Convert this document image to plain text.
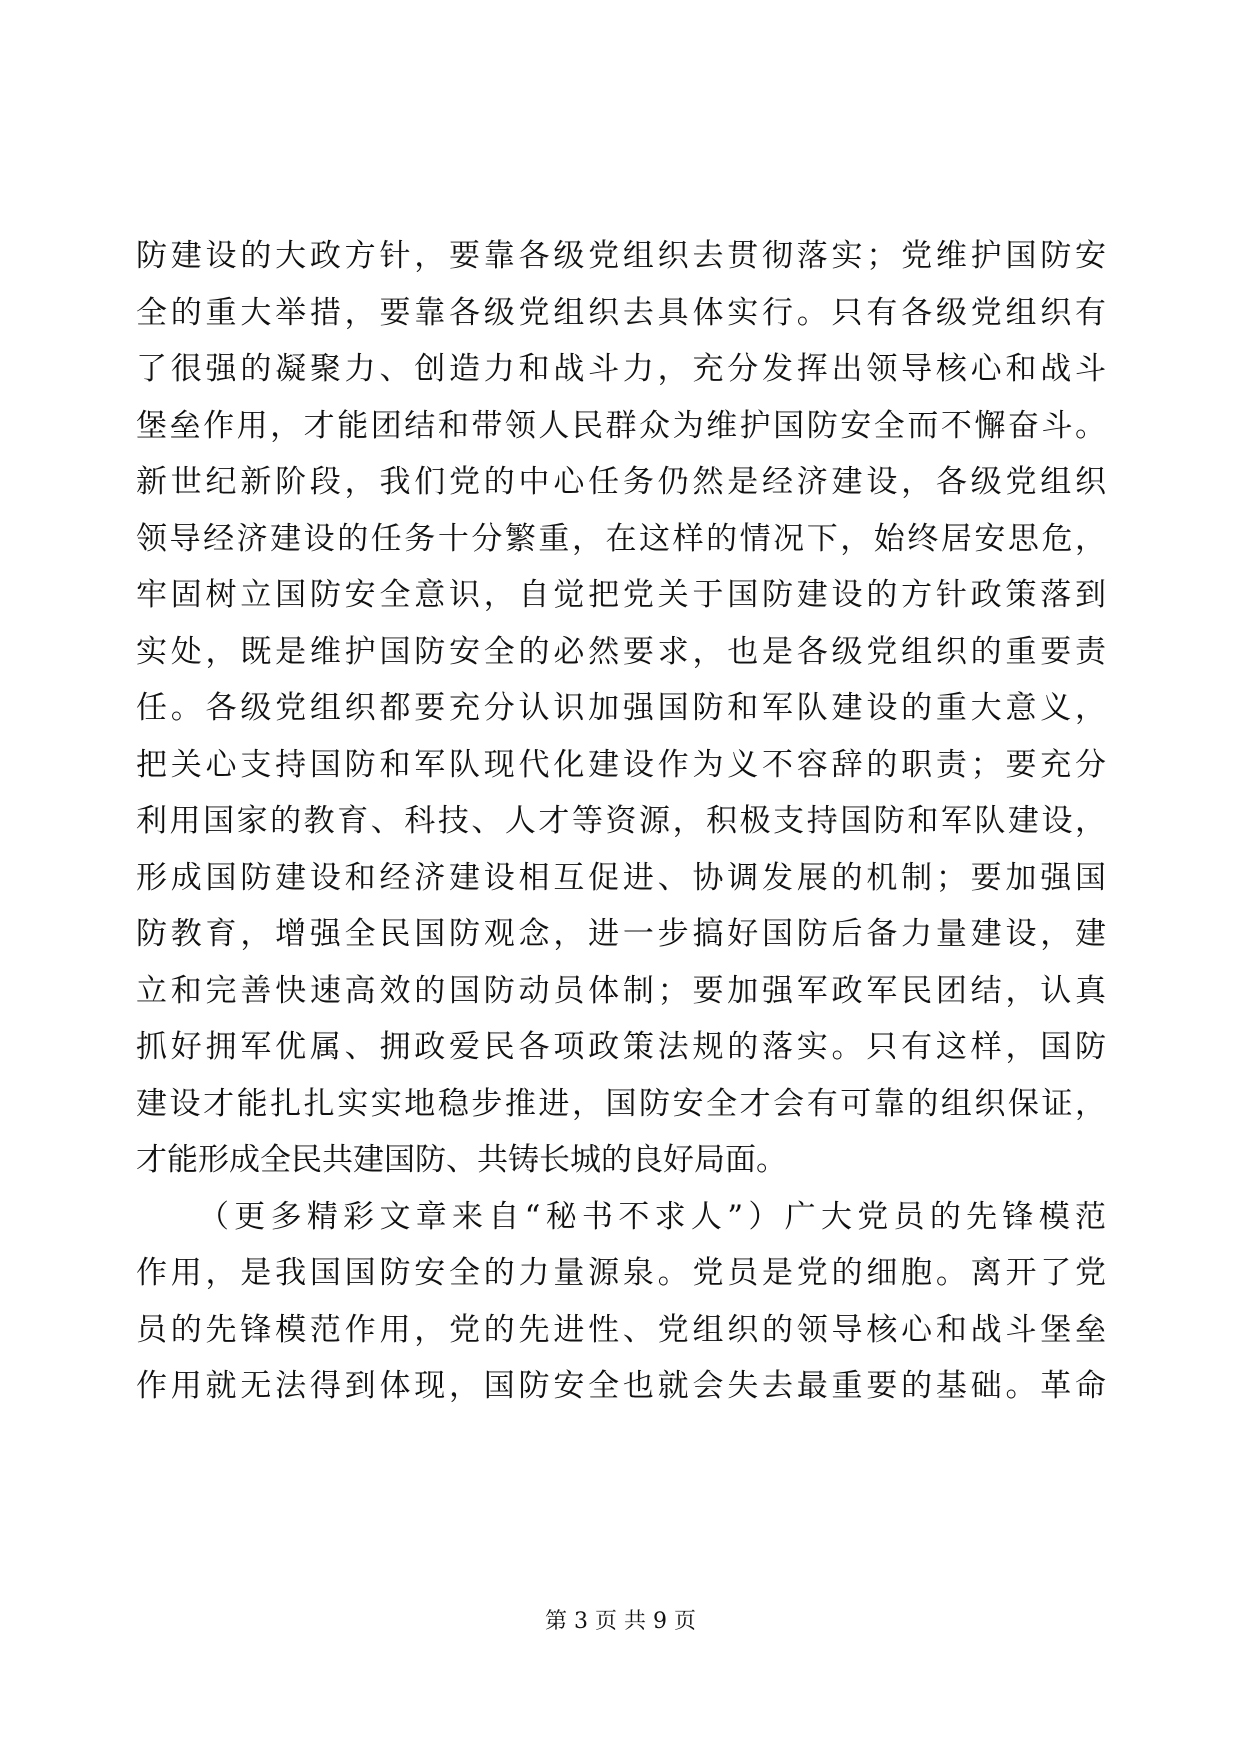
防建设的大政方针，要靠各级党组织去贯彻落实；党维护国防安
全的重大举措，要靠各级党组织去具体实行。只有各级党组织有
了很强的凝聚力、创造力和战斗力，充分发挥出领导核心和战斗
堡垒作用，才能团结和带领人民群众为维护国防安全而不懈奋斗。
新世纪新阶段，我们党的中心任务仍然是经济建设，各级党组织
领导经济建设的任务十分繁重，在这样的情况下，始终居安思危，
牢固树立国防安全意识，自觉把党关于国防建设的方针政策落到
实处，既是维护国防安全的必然要求，也是各级党组织的重要责
任。各级党组织都要充分认识加强国防和军队建设的重大意义，
把关心支持国防和军队现代化建设作为义不容辞的职责；要充分
利用国家的教育、科技、人才等资源，积极支持国防和军队建设，
形成国防建设和经济建设相互促进、协调发展的机制；要加强国
防教育，增强全民国防观念，进一步搞好国防后备力量建设，建
立和完善快速高效的国防动员体制；要加强军政军民团结，认真
抓好拥军优属、拥政爱民各项政策法规的落实。只有这样，国防
建设才能扎扎实实地稳步推进，国防安全才会有可靠的组织保证，
才能形成全民共建国防、共铸长城的良好局面。
（更多精彩文章来自“秘书不求人”）广大党员的先锋模范
作用，是我国国防安全的力量源泉。党员是党的细胞。离开了党
员的先锋模范作用，党的先进性、党组织的领导核心和战斗堡垒
作用就无法得到体现，国防安全也就会失去最重要的基础。革命
第 3 页 共 9 页
